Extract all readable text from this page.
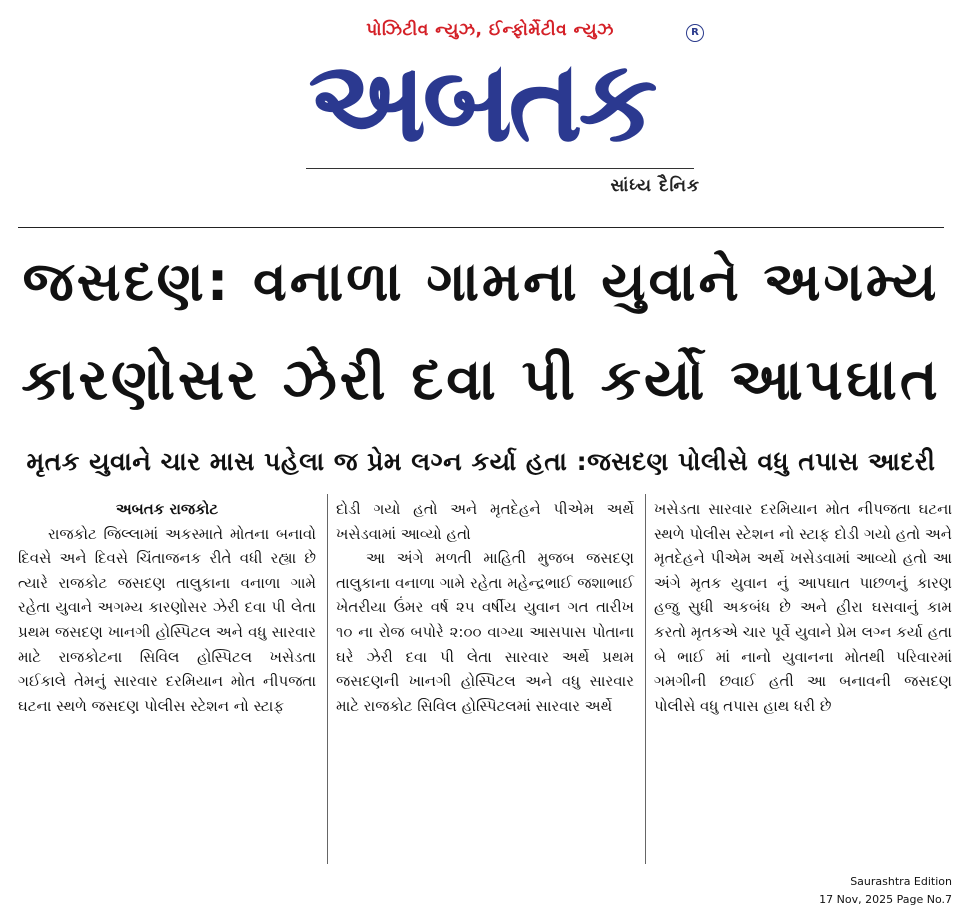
પોઝિટીવ ન્યુઝ, ઈન્ફોર્મેટીવ ન્યુઝ	R
અબતક
સાંધ્ય દૈનિક
જસદણ: વનાળા ગામના યુવાને અગમ્ય
કારણોસર ઝેરી દવા પી કર્યો આપઘાત
મૃતક યુવાને ચાર માસ પહેલા જ પ્રેમ લગ્ન કર્યા હતા :જસદણ પોલીસે વધુ તપાસ આદરી
અબતક રાજકોટ
રાજકોટ જિલ્લામાં અકસ્માતે મોતના બનાવો દિવસે અને દિવસે ચિંતાજનક રીતે વધી રહ્યા છે ત્યારે રાજકોટ જસદણ તાલુકાના વનાળા ગામે રહેતા યુવાને અગમ્ય કારણોસર ઝેરી દવા પી લેતા પ્રથમ જસદણ ખાનગી હોસ્પિટલ અને વધુ સારવાર માટે રાજકોટના સિવિલ હોસ્પિટલ ખસેડતા ગઈકાલે તેમનું સારવાર દરમિયાન મોત નીપજતા ઘટના સ્થળે જસદણ પોલીસ સ્ટેશન નો સ્ટાફ
દોડી ગયો હતો અને મૃતદેહને પીએમ અર્થે ખસેડવામાં આવ્યો હતો
આ અંગે મળતી માહિતી મુજબ જસદણ તાલુકાના વનાળા ગામે રહેતા મહેન્દ્રભાઈ જશાભાઈ ખેતરીયા ઉંમર વર્ષ ૨૫ વર્ષીય યુવાન ગત તારીખ ૧૦ ના રોજ બપોરે ૨:૦૦ વાગ્યા આસપાસ પોતાના ઘરે ઝેરી દવા પી લેતા સારવાર અર્થે પ્રથમ જસદણની ખાનગી હોસ્પિટલ અને વધુ સારવાર માટે રાજકોટ સિવિલ હોસ્પિટલમાં સારવાર અર્થે
ખસેડતા સારવાર દરમિયાન મોત નીપજતા ઘટના સ્થળે પોલીસ સ્ટેશન નો સ્ટાફ દોડી ગયો હતો અને મૃતદેહને પીએમ અર્થે ખસેડવામાં આવ્યો હતો આ અંગે મૃતક યુવાન નું આપઘાત પાછળનું કારણ હજુ સુધી અકબંધ છે અને હીરા ઘસવાનું કામ કરતો મૃતકએ ચાર પૂર્વે યુવાને પ્રેમ લગ્ન કર્યા હતા બે ભાઈ માં નાનો યુવાનના મોતથી પરિવારમાં ગમગીની છવાઈ હતી આ બનાવની જસદણ પોલીસે વધુ તપાસ હાથ ધરી છે
Saurashtra Edition
17 Nov, 2025 Page No.7
